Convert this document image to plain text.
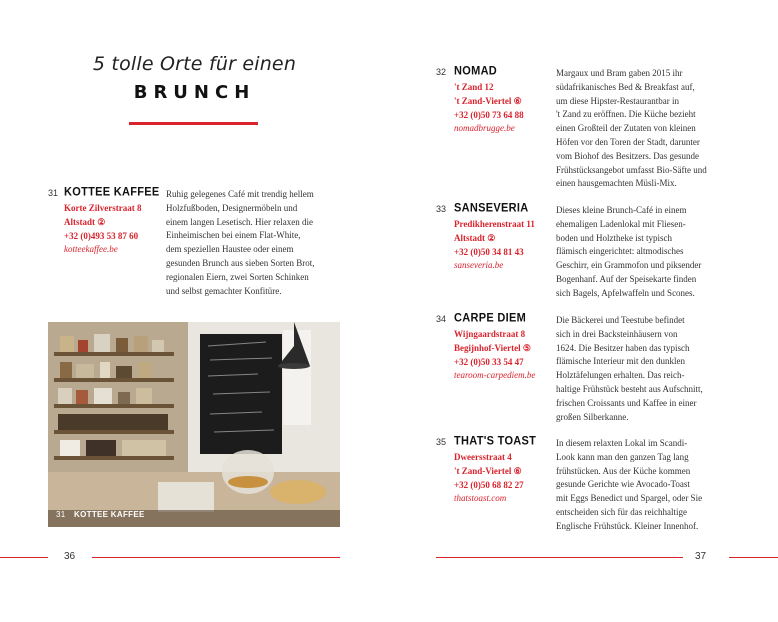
5 tolle Orte für einen
BRUNCH
31 KOTTEE KAFFEE
Korte Zilverstraat 8
Altstadt ②
+32 (0)493 53 87 60
kotteekaffee.be
Ruhig gelegenes Café mit trendig hellem
Holzfußboden, Designermöbeln und
einem langen Lesetisch. Hier relaxen die
Einheimischen bei einem Flat-White,
dem speziellen Haustee oder einem
gesunden Brunch aus sieben Sorten Brot,
regionalen Eiern, zwei Sorten Schinken
und selbst gemachter Konfitüre.
31 KOTTEE KAFFEE
36
32 NOMAD
't Zand 12
't Zand-Viertel ⑥
+32 (0)50 73 64 88
nomadbrugge.be
Margaux und Bram gaben 2015 ihr
südafrikanisches Bed & Breakfast auf,
um diese Hipster-Restaurantbar in
't Zand zu eröffnen. Die Küche bezieht
einen Großteil der Zutaten von kleinen
Höfen vor den Toren der Stadt, darunter
vom Biohof des Besitzers. Das gesunde
Frühstücksangebot umfasst Bio-Säfte und
einen hausgemachten Müsli-Mix.
33 SANSEVERIA
Predikherenstraat 11
Altstadt ②
+32 (0)50 34 81 43
sanseveria.be
Dieses kleine Brunch-Café in einem
ehemaligen Ladenlokal mit Fliesen-
boden und Holztheke ist typisch
flämisch eingerichtet: altmodisches
Geschirr, ein Grammofon und piksender
Bogenhanf. Auf der Speisekarte finden
sich Bagels, Apfelwaffeln und Scones.
34 CARPE DIEM
Wijngaardstraat 8
Begijnhof-Viertel ⑤
+32 (0)50 33 54 47
tearoom-carpediem.be
Die Bäckerei und Teestube befindet
sich in drei Backsteinhäusern von
1624. Die Besitzer haben das typisch
flämische Interieur mit den dunklen
Holztäfelungen erhalten. Das reich-
haltige Frühstück besteht aus Aufschnitt,
frischen Croissants und Kaffee in einer
großen Silberkanne.
35 THAT'S TOAST
Dweersstraat 4
't Zand-Viertel ⑥
+32 (0)50 68 82 27
thatstoast.com
In diesem relaxten Lokal im Scandi-
Look kann man den ganzen Tag lang
frühstücken. Aus der Küche kommen
gesunde Gerichte wie Avocado-Toast
mit Eggs Benedict und Spargel, oder Sie
entscheiden sich für das reichhaltige
Englische Frühstück. Kleiner Innenhof.
37
